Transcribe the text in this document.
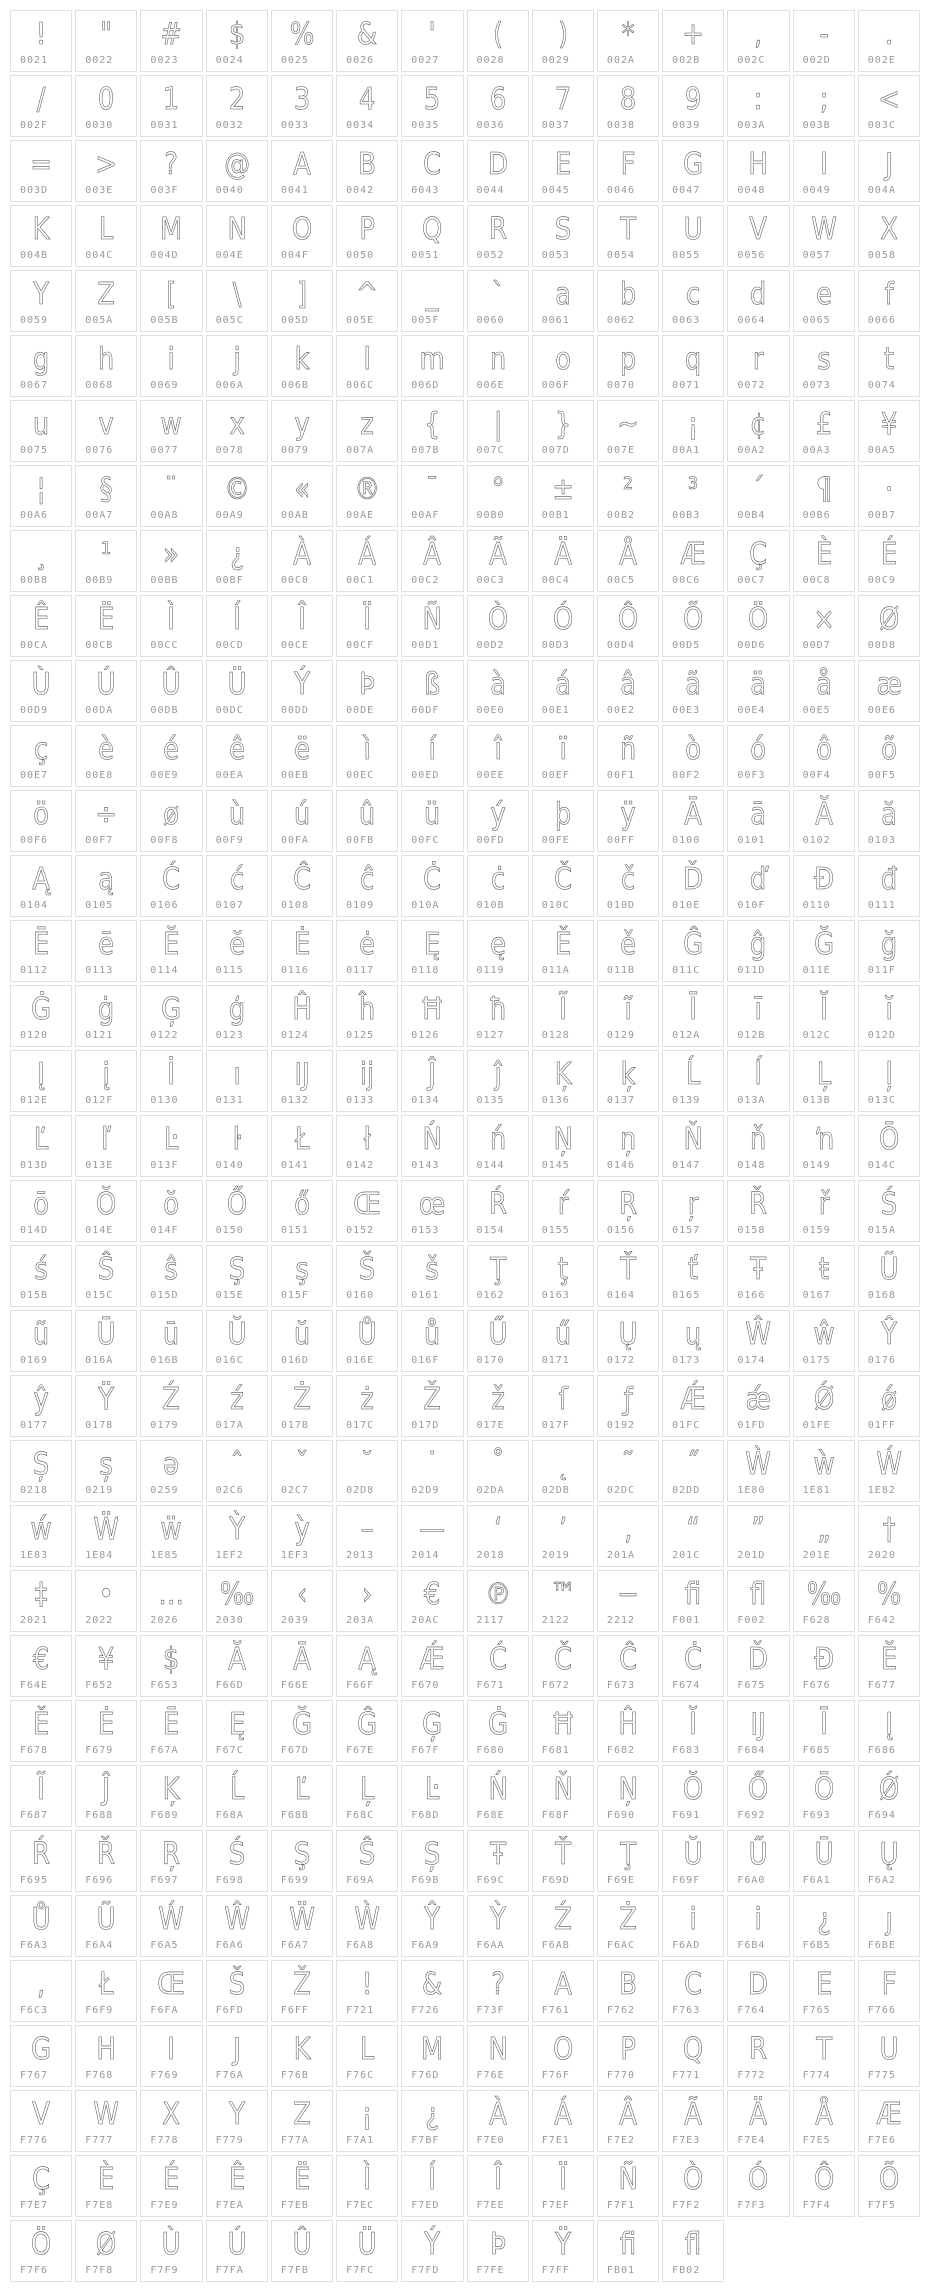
!
0021
"
0022
#
0023
$
0024
%
0025
&
0026
'
0027
(
0028
)
0029
*
002A
+
002B
,
002C
-
002D
.
002E
/
002F
0
0030
1
0031
2
0032
3
0033
4
0034
5
0035
6
0036
7
0037
8
0038
9
0039
:
003A
;
003B
<
003C
=
003D
>
003E
?
003F
@
0040
A
0041
B
0042
C
0043
D
0044
E
0045
F
0046
G
0047
H
0048
I
0049
J
004A
K
004B
L
004C
M
004D
N
004E
O
004F
P
0050
Q
0051
R
0052
S
0053
T
0054
U
0055
V
0056
W
0057
X
0058
Y
0059
Z
005A
[
005B
\
005C
]
005D
^
005E
_
005F
`
0060
a
0061
b
0062
c
0063
d
0064
e
0065
f
0066
g
0067
h
0068
i
0069
j
006A
k
006B
l
006C
m
006D
n
006E
o
006F
p
0070
q
0071
r
0072
s
0073
t
0074
u
0075
v
0076
w
0077
x
0078
y
0079
z
007A
{
007B
|
007C
}
007D
~
007E
¡
00A1
¢
00A2
£
00A3
¥
00A5
¦
00A6
§
00A7
¨
00A8
©
00A9
«
00AB
®
00AE
¯
00AF
°
00B0
±
00B1
²
00B2
³
00B3
´
00B4
¶
00B6
·
00B7
¸
00B8
¹
00B9
»
00BB
¿
00BF
À
00C0
Á
00C1
Â
00C2
Ã
00C3
Ä
00C4
Å
00C5
Æ
00C6
Ç
00C7
È
00C8
É
00C9
Ê
00CA
Ë
00CB
Ì
00CC
Í
00CD
Î
00CE
Ï
00CF
Ñ
00D1
Ò
00D2
Ó
00D3
Ô
00D4
Õ
00D5
Ö
00D6
×
00D7
Ø
00D8
Ù
00D9
Ú
00DA
Û
00DB
Ü
00DC
Ý
00DD
Þ
00DE
ß
00DF
à
00E0
á
00E1
â
00E2
ã
00E3
ä
00E4
å
00E5
æ
00E6
ç
00E7
è
00E8
é
00E9
ê
00EA
ë
00EB
ì
00EC
í
00ED
î
00EE
ï
00EF
ñ
00F1
ò
00F2
ó
00F3
ô
00F4
õ
00F5
ö
00F6
÷
00F7
ø
00F8
ù
00F9
ú
00FA
û
00FB
ü
00FC
ý
00FD
þ
00FE
ÿ
00FF
Ā
0100
ā
0101
Ă
0102
ă
0103
Ą
0104
ą
0105
Ć
0106
ć
0107
Ĉ
0108
ĉ
0109
Ċ
010A
ċ
010B
Č
010C
č
010D
Ď
010E
ď
010F
Đ
0110
đ
0111
Ē
0112
ē
0113
Ĕ
0114
ĕ
0115
Ė
0116
ė
0117
Ę
0118
ę
0119
Ě
011A
ě
011B
Ĝ
011C
ĝ
011D
Ğ
011E
ğ
011F
Ġ
0120
ġ
0121
Ģ
0122
ģ
0123
Ĥ
0124
ĥ
0125
Ħ
0126
ħ
0127
Ĩ
0128
ĩ
0129
Ī
012A
ī
012B
Ĭ
012C
ĭ
012D
Į
012E
į
012F
İ
0130
ı
0131
Ĳ
0132
ĳ
0133
Ĵ
0134
ĵ
0135
Ķ
0136
ķ
0137
Ĺ
0139
ĺ
013A
Ļ
013B
ļ
013C
Ľ
013D
ľ
013E
Ŀ
013F
ŀ
0140
Ł
0141
ł
0142
Ń
0143
ń
0144
Ņ
0145
ņ
0146
Ň
0147
ň
0148
ŉ
0149
Ō
014C
ō
014D
Ŏ
014E
ŏ
014F
Ő
0150
ő
0151
Œ
0152
œ
0153
Ŕ
0154
ŕ
0155
Ŗ
0156
ŗ
0157
Ř
0158
ř
0159
Ś
015A
ś
015B
Ŝ
015C
ŝ
015D
Ş
015E
ş
015F
Š
0160
š
0161
Ţ
0162
ţ
0163
Ť
0164
ť
0165
Ŧ
0166
ŧ
0167
Ũ
0168
ũ
0169
Ū
016A
ū
016B
Ŭ
016C
ŭ
016D
Ů
016E
ů
016F
Ű
0170
ű
0171
Ų
0172
ų
0173
Ŵ
0174
ŵ
0175
Ŷ
0176
ŷ
0177
Ÿ
0178
Ź
0179
ź
017A
Ż
017B
ż
017C
Ž
017D
ž
017E
ſ
017F
ƒ
0192
Ǽ
01FC
ǽ
01FD
Ǿ
01FE
ǿ
01FF
Ș
0218
ș
0219
ə
0259
ˆ
02C6
ˇ
02C7
˘
02D8
˙
02D9
˚
02DA
˛
02DB
˜
02DC
˝
02DD
Ẁ
1E80
ẁ
1E81
Ẃ
1E82
ẃ
1E83
Ẅ
1E84
ẅ
1E85
Ỳ
1EF2
ỳ
1EF3
–
2013
—
2014
‘
2018
’
2019
‚
201A
“
201C
”
201D
„
201E
†
2020
‡
2021
•
2022
…
2026
‰
2030
‹
2039
›
203A
€
20AC
℗
2117
™
2122
−
2212
ﬁ
F001
ﬂ
F002
‰
F628
%
F642
€
F64E
¥
F652
$
F653
Ă
F66D
Ā
F66E
Ą
F66F
Ǽ
F670
Ć
F671
Č
F672
Ĉ
F673
Ċ
F674
Ď
F675
Đ
F676
Ĕ
F677
Ě
F678
Ė
F679
Ē
F67A
Ę
F67C
Ğ
F67D
Ĝ
F67E
Ģ
F67F
Ġ
F680
Ħ
F681
Ĥ
F682
Ĭ
F683
Ĳ
F684
Ī
F685
Į
F686
Ĩ
F687
Ĵ
F688
Ķ
F689
Ĺ
F68A
Ľ
F68B
Ļ
F68C
Ŀ
F68D
Ń
F68E
Ň
F68F
Ņ
F690
Ŏ
F691
Ő
F692
Ō
F693
Ǿ
F694
Ŕ
F695
Ř
F696
Ŗ
F697
Ś
F698
Ş
F699
Ŝ
F69A
Ș
F69B
Ŧ
F69C
Ť
F69D
Ţ
F69E
Ŭ
F69F
Ű
F6A0
Ū
F6A1
Ų
F6A2
Ů
F6A3
Ũ
F6A4
Ẃ
F6A5
Ŵ
F6A6
Ẅ
F6A7
Ẁ
F6A8
Ŷ
F6A9
Ỳ
F6AA
Ź
F6AB
Ż
F6AC
i
F6AD
i
F6B4
¿
F6B5
ȷ
F6BE
,
F6C3
Ł
F6F9
Œ
F6FA
Š
F6FD
Ž
F6FF
!
F721
&
F726
?
F73F
A
F761
B
F762
C
F763
D
F764
E
F765
F
F766
G
F767
H
F768
I
F769
J
F76A
K
F76B
L
F76C
M
F76D
N
F76E
O
F76F
P
F770
Q
F771
R
F772
T
F774
U
F775
V
F776
W
F777
X
F778
Y
F779
Z
F77A
¡
F7A1
¿
F7BF
À
F7E0
Á
F7E1
Â
F7E2
Ã
F7E3
Ä
F7E4
Å
F7E5
Æ
F7E6
Ç
F7E7
È
F7E8
É
F7E9
Ê
F7EA
Ë
F7EB
Ì
F7EC
Í
F7ED
Î
F7EE
Ï
F7EF
Ñ
F7F1
Ò
F7F2
Ó
F7F3
Ô
F7F4
Õ
F7F5
Ö
F7F6
Ø
F7F8
Ù
F7F9
Ú
F7FA
Û
F7FB
Ü
F7FC
Ý
F7FD
Þ
F7FE
Ÿ
F7FF
ﬁ
FB01
ﬂ
FB02
